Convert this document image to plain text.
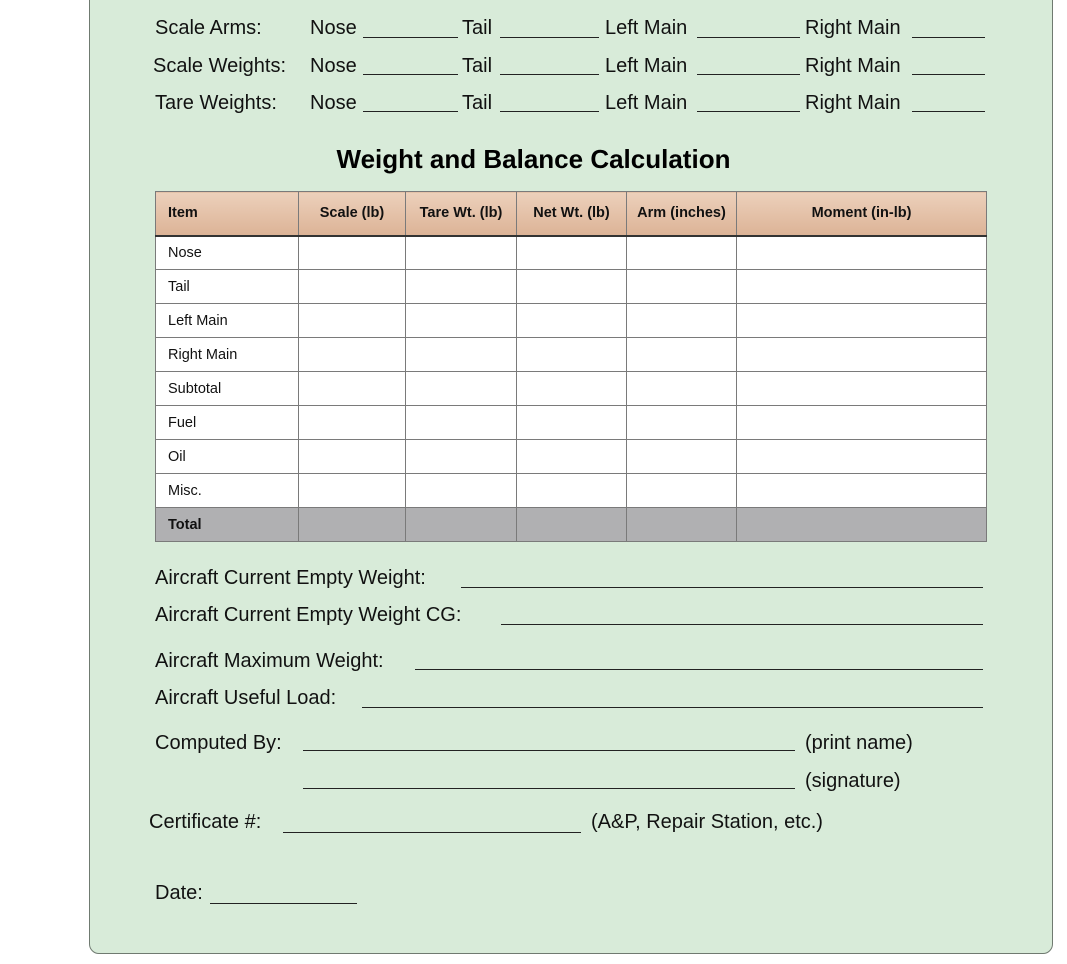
Scale Arms: Nose	Tail	Left Main	Right Main
Scale Weights: Nose	Tail	Left Main	Right Main
Tare Weights: Nose	Tail	Left Main	Right Main
Weight and Balance Calculation
Item	Scale (lb)	Tare Wt. (lb)	Net Wt. (lb)	Arm (inches)	Moment (in-lb)
Nose					
Tail					
Left Main					
Right Main					
Subtotal					
Fuel					
Oil					
Misc.					
Total					
Aircraft Current Empty Weight:
Aircraft Current Empty Weight CG:
Aircraft Maximum Weight:
Aircraft Useful Load:
Computed By:	(print name)
(signature)
Certificate #:	(A&P, Repair Station, etc.)
Date:
